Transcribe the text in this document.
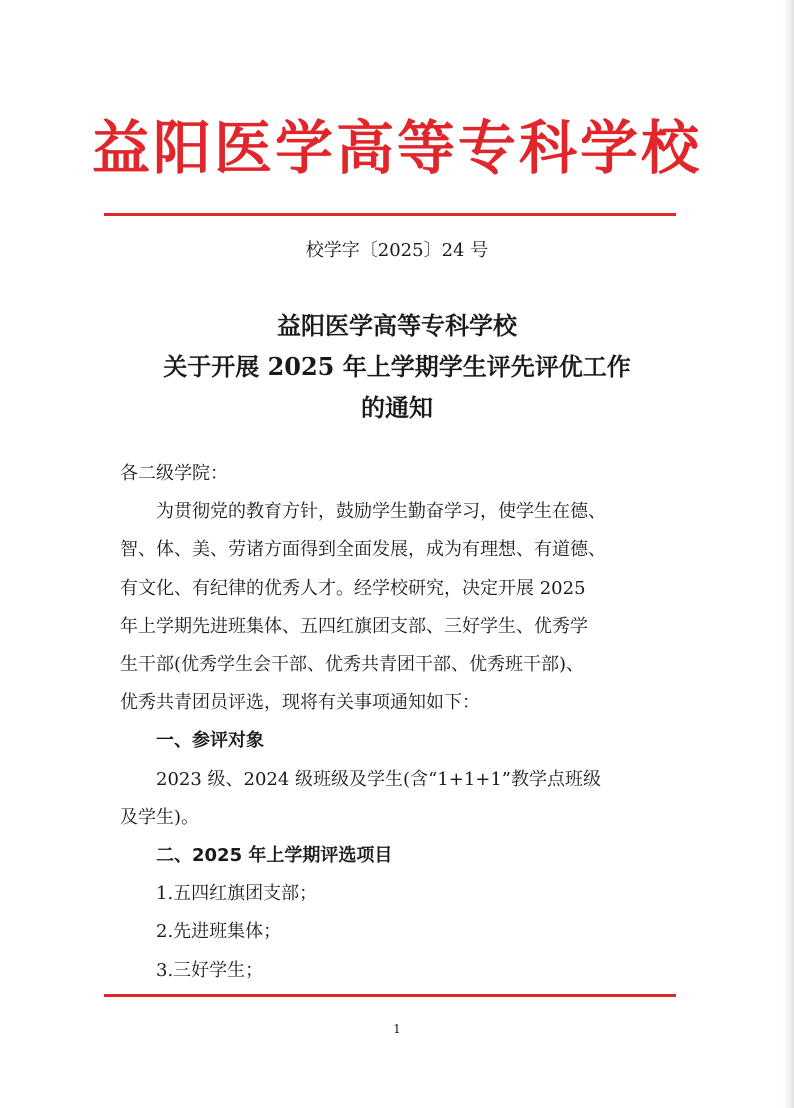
益阳医学高等专科学校
校学字〔2025〕24 号
益阳医学高等专科学校
关于开展 2025 年上学期学生评先评优工作
的通知

各二级学院：

为贯彻党的教育方针，鼓励学生勤奋学习，使学生在德、

智、体、美、劳诸方面得到全面发展，成为有理想、有道德、

有文化、有纪律的优秀人才。经学校研究，决定开展 2025

年上学期先进班集体、五四红旗团支部、三好学生、优秀学

生干部(优秀学生会干部、优秀共青团干部、优秀班干部)、

优秀共青团员评选，现将有关事项通知如下：

一、参评对象

2023 级、2024 级班级及学生(含“1+1+1”教学点班级

及学生)。

二、2025 年上学期评选项目

1.五四红旗团支部；

2.先进班集体；

3.三好学生；

1
